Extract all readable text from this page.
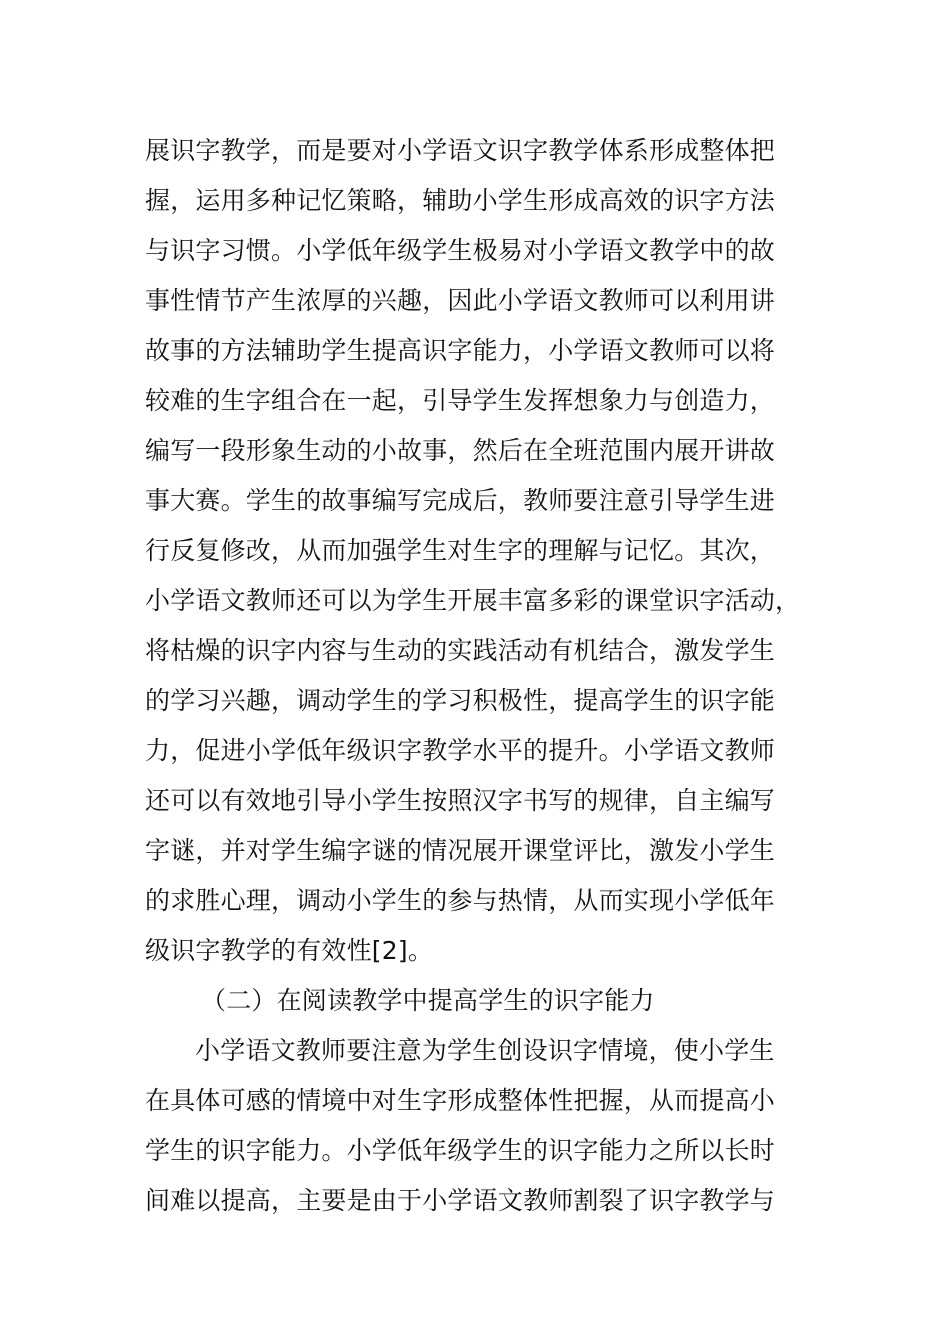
展识字教学，而是要对小学语文识字教学体系形成整体把
握，运用多种记忆策略，辅助小学生形成高效的识字方法
与识字习惯。小学低年级学生极易对小学语文教学中的故
事性情节产生浓厚的兴趣，因此小学语文教师可以利用讲
故事的方法辅助学生提高识字能力，小学语文教师可以将
较难的生字组合在一起，引导学生发挥想象力与创造力，
编写一段形象生动的小故事，然后在全班范围内展开讲故
事大赛。学生的故事编写完成后，教师要注意引导学生进
行反复修改，从而加强学生对生字的理解与记忆。其次，
小学语文教师还可以为学生开展丰富多彩的课堂识字活动，
将枯燥的识字内容与生动的实践活动有机结合，激发学生
的学习兴趣，调动学生的学习积极性，提高学生的识字能
力，促进小学低年级识字教学水平的提升。小学语文教师
还可以有效地引导小学生按照汉字书写的规律，自主编写
字谜，并对学生编字谜的情况展开课堂评比，激发小学生
的求胜心理，调动小学生的参与热情，从而实现小学低年
级识字教学的有效性[2]。
（二）在阅读教学中提高学生的识字能力
小学语文教师要注意为学生创设识字情境，使小学生
在具体可感的情境中对生字形成整体性把握，从而提高小
学生的识字能力。小学低年级学生的识字能力之所以长时
间难以提高，主要是由于小学语文教师割裂了识字教学与
